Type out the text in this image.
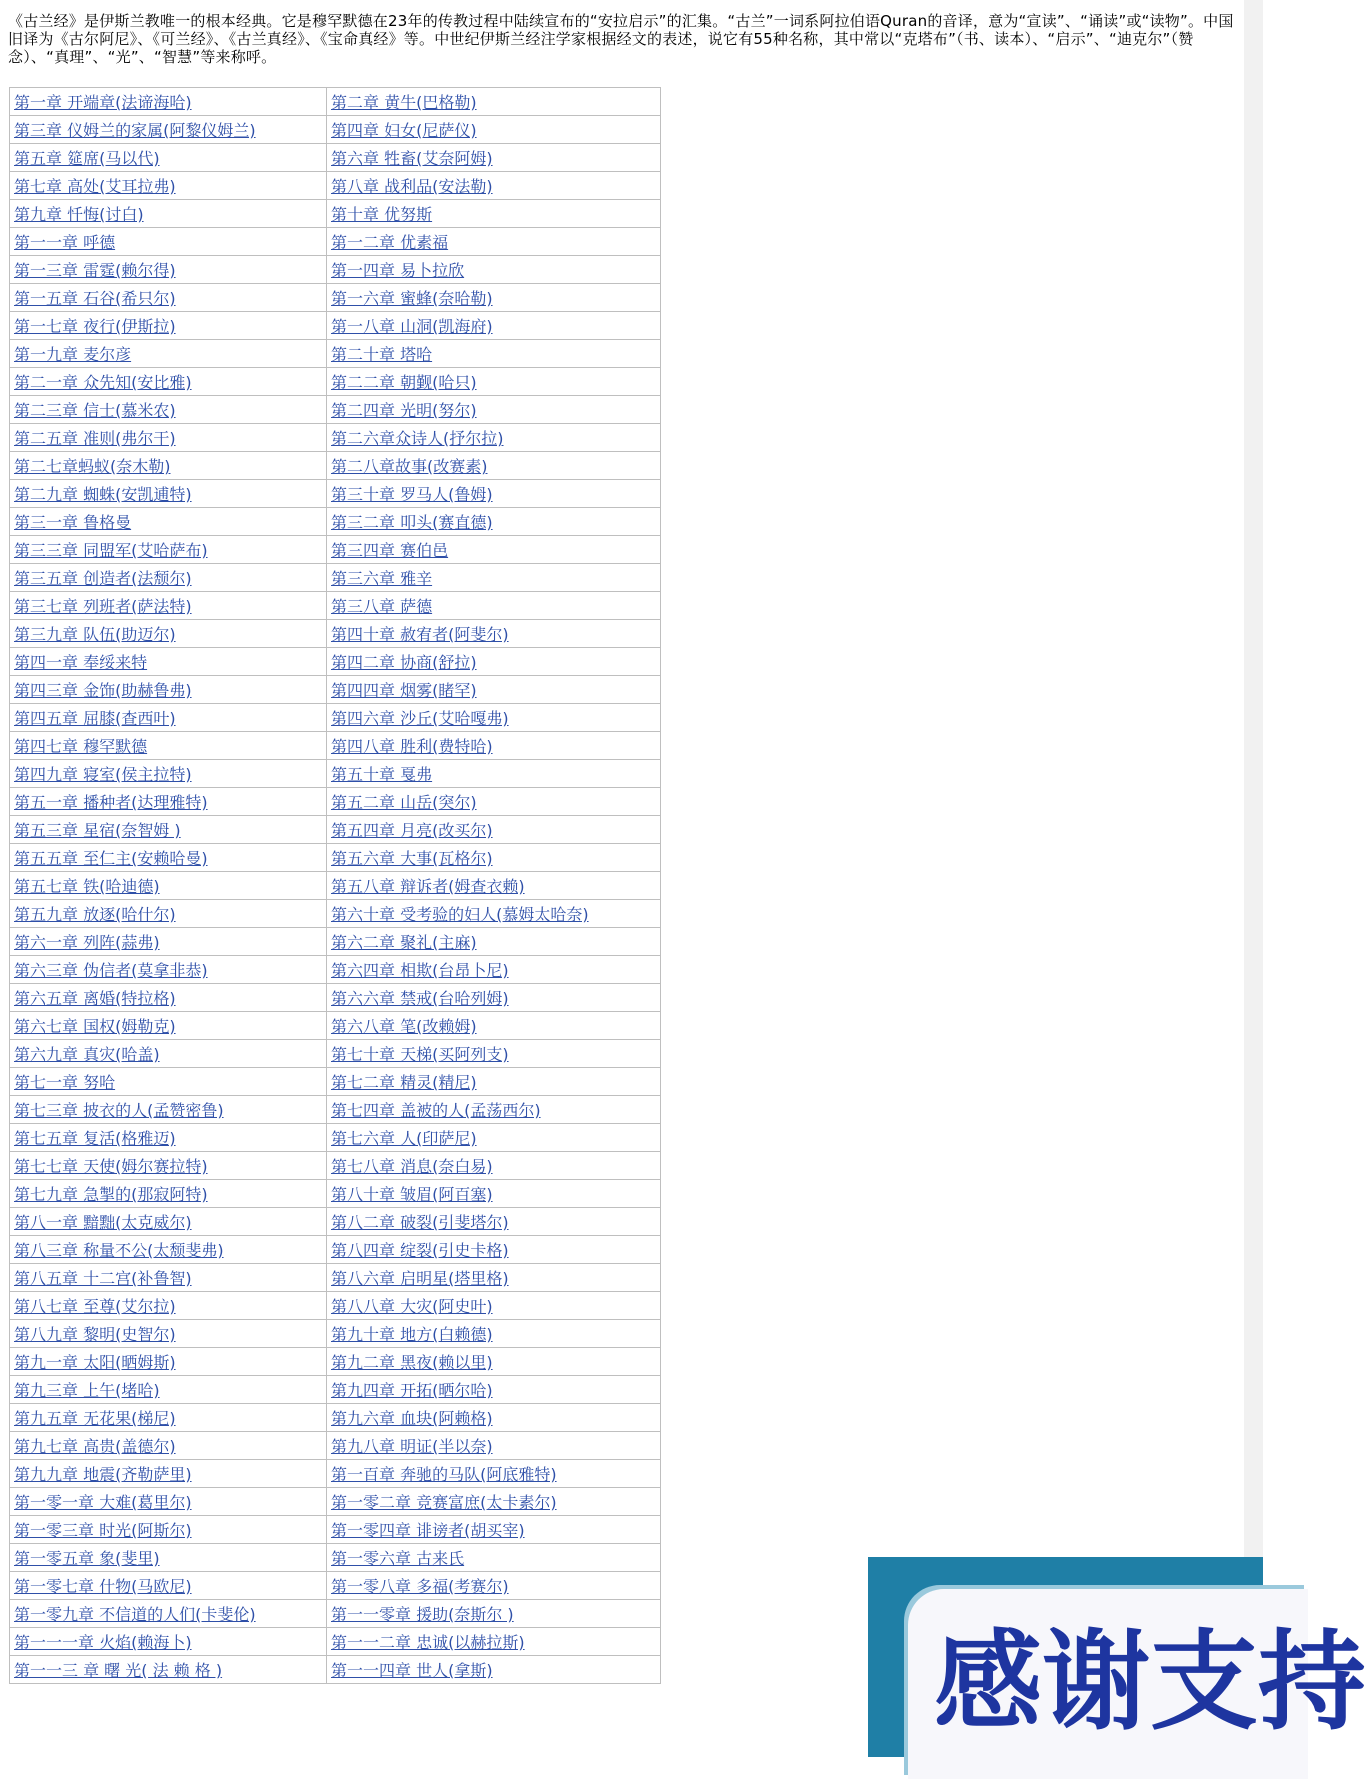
《古兰经》是伊斯兰教唯一的根本经典。它是穆罕默德在23年的传教过程中陆续宣布的“安拉启示”的汇集。“古兰”一词系阿拉伯语Quran的音译，意为“宣读”、“诵读”或“读物”。中国旧译为《古尔阿尼》、《可兰经》、《古兰真经》、《宝命真经》等。中世纪伊斯兰经注学家根据经文的表述，说它有55种名称，其中常以“克塔布”（书、读本）、“启示”、“迪克尔”（赞念）、“真理”、“光”、“智慧”等来称呼。

第一章 开端章(法谛海哈)	第二章 黄牛(巴格勒)
第三章 仪姆兰的家属(阿黎仪姆兰)	第四章 妇女(尼萨仪)
第五章 筵席(马以代)	第六章 牲畜(艾奈阿姆)
第七章 高处(艾耳拉弗)	第八章 战利品(安法勒)
第九章 忏悔(讨白)	第十章 优努斯
第一一章 呼德	第一二章 优素福
第一三章 雷霆(赖尔得)	第一四章 易卜拉欣
第一五章 石谷(希只尔)	第一六章 蜜蜂(奈哈勒)
第一七章 夜行(伊斯拉)	第一八章 山洞(凯海府)
第一九章 麦尔彦	第二十章 塔哈
第二一章 众先知(安比雅)	第二二章 朝觐(哈只)
第二三章 信士(慕米农)	第二四章 光明(努尔)
第二五章 准则(弗尔干)	第二六章众诗人(抒尔拉)
第二七章蚂蚁(奈木勒)	第二八章故事(改赛素)
第二九章 蜘蛛(安凯逋特)	第三十章 罗马人(鲁姆)
第三一章 鲁格曼	第三二章 叩头(赛直德)
第三三章 同盟军(艾哈萨布)	第三四章 赛伯邑
第三五章 创造者(法颓尔)	第三六章 雅辛
第三七章 列班者(萨法特)	第三八章 萨德
第三九章 队伍(助迈尔)	第四十章 赦宥者(阿斐尔)
第四一章 奉绥来特	第四二章 协商(舒拉)
第四三章 金饰(助赫鲁弗)	第四四章 烟雾(睹罕)
第四五章 屈膝(查西叶)	第四六章 沙丘(艾哈嘎弗)
第四七章 穆罕默德	第四八章 胜利(费特哈)
第四九章 寝室(侯主拉特)	第五十章 戛弗
第五一章 播种者(达理雅特)	第五二章 山岳(突尔)
第五三章 星宿(奈智姆 )	第五四章 月亮(改买尔)
第五五章 至仁主(安赖哈曼)	第五六章 大事(瓦格尔)
第五七章 铁(哈迪德)	第五八章 辩诉者(姆查衣赖)
第五九章 放逐(哈什尔)	第六十章 受考验的妇人(慕姆太哈奈)
第六一章 列阵(蒜弗)	第六二章 聚礼(主麻)
第六三章 伪信者(莫拿非恭)	第六四章 相欺(台昂卜尼)
第六五章 离婚(特拉格)	第六六章 禁戒(台哈列姆)
第六七章 国权(姆勒克)	第六八章 笔(改赖姆)
第六九章 真灾(哈盖)	第七十章 天梯(买阿列支)
第七一章 努哈	第七二章 精灵(精尼)
第七三章 披衣的人(孟赞密鲁)	第七四章 盖被的人(孟荡西尔)
第七五章 复活(格雅迈)	第七六章 人(印萨尼)
第七七章 天使(姆尔赛拉特)	第七八章 消息(奈白易)
第七九章 急掣的(那寂阿特)	第八十章 皱眉(阿百塞)
第八一章 黯黜(太克威尔)	第八二章 破裂(引斐塔尔)
第八三章 称量不公(太颓斐弗)	第八四章 绽裂(引史卡格)
第八五章 十二宫(补鲁智)	第八六章 启明星(塔里格)
第八七章 至尊(艾尔拉)	第八八章 大灾(阿史叶)
第八九章 黎明(史智尔)	第九十章 地方(白赖德)
第九一章 太阳(晒姆斯)	第九二章 黑夜(赖以里)
第九三章 上午(堵哈)	第九四章 开拓(晒尔哈)
第九五章 无花果(梯尼)	第九六章 血块(阿赖格)
第九七章 高贵(盖德尔)	第九八章 明证(半以奈)
第九九章 地震(齐勒萨里)	第一百章 奔驰的马队(阿底雅特)
第一零一章 大难(葛里尔)	第一零二章 竞赛富庶(太卡素尔)
第一零三章 时光(阿斯尔)	第一零四章 诽谤者(胡买宰)
第一零五章 象(斐里)	第一零六章 古来氏
第一零七章 什物(马欧尼)	第一零八章 多福(考赛尔)
第一零九章 不信道的人们(卡斐伦)	第一一零章 援助(奈斯尔 )
第一一一章 火焰(赖海卜)	第一一二章 忠诚(以赫拉斯)
第一一三 章 曙 光( 法 赖 格 )	第一一四章 世人(拿斯)	感谢支持
